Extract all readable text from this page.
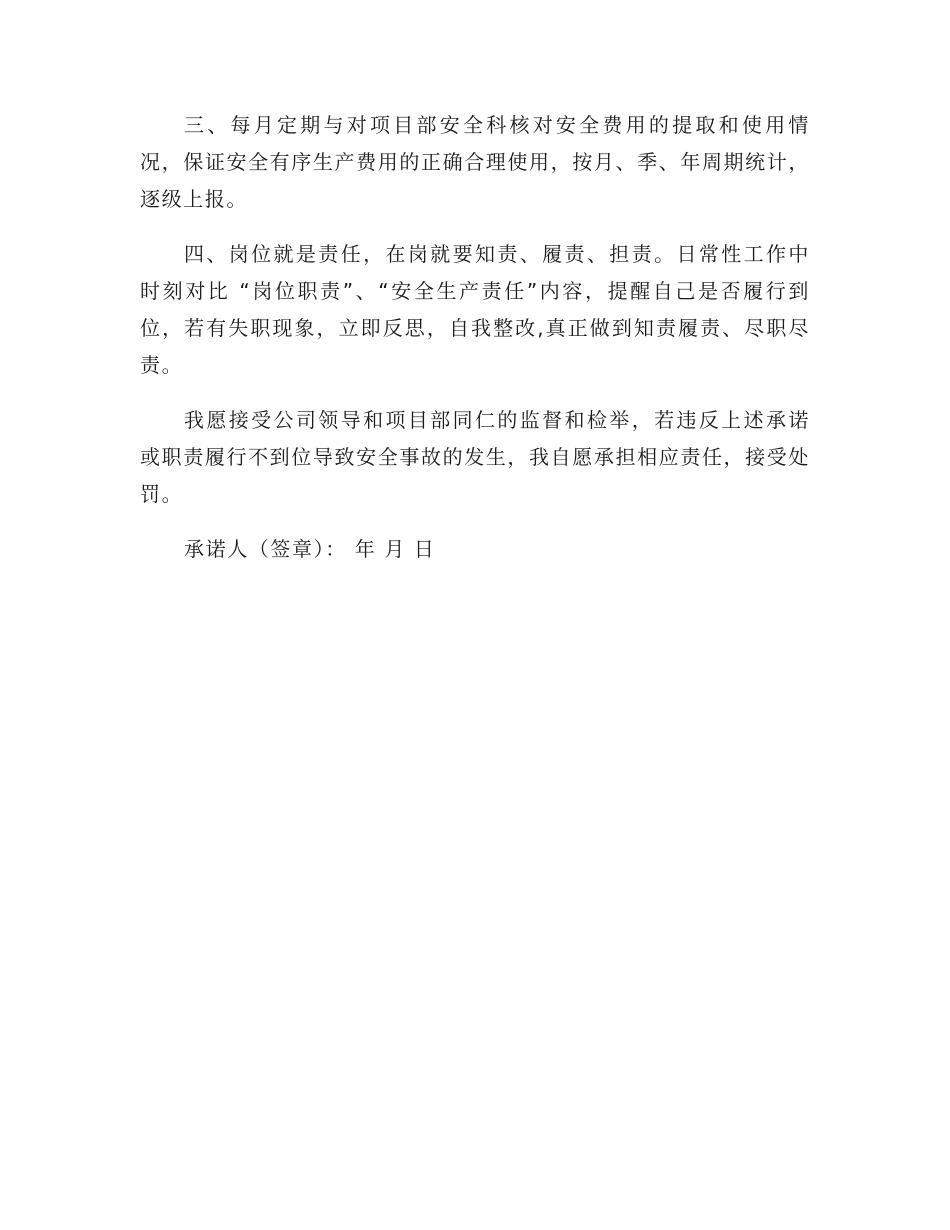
三、每月定期与对项目部安全科核对安全费用的提取和使用情况，保证安全有序生产费用的正确合理使用，按月、季、年周期统计，逐级上报。

四、岗位就是责任，在岗就要知责、履责、担责。日常性工作中时刻对比 “岗位职责”、“安全生产责任”内容，提醒自己是否履行到位，若有失职现象，立即反思，自我整改,真正做到知责履责、尽职尽责。

我愿接受公司领导和项目部同仁的监督和检举，若违反上述承诺或职责履行不到位导致安全事故的发生，我自愿承担相应责任，接受处罚。

承诺人（签章）： 年 月 日
